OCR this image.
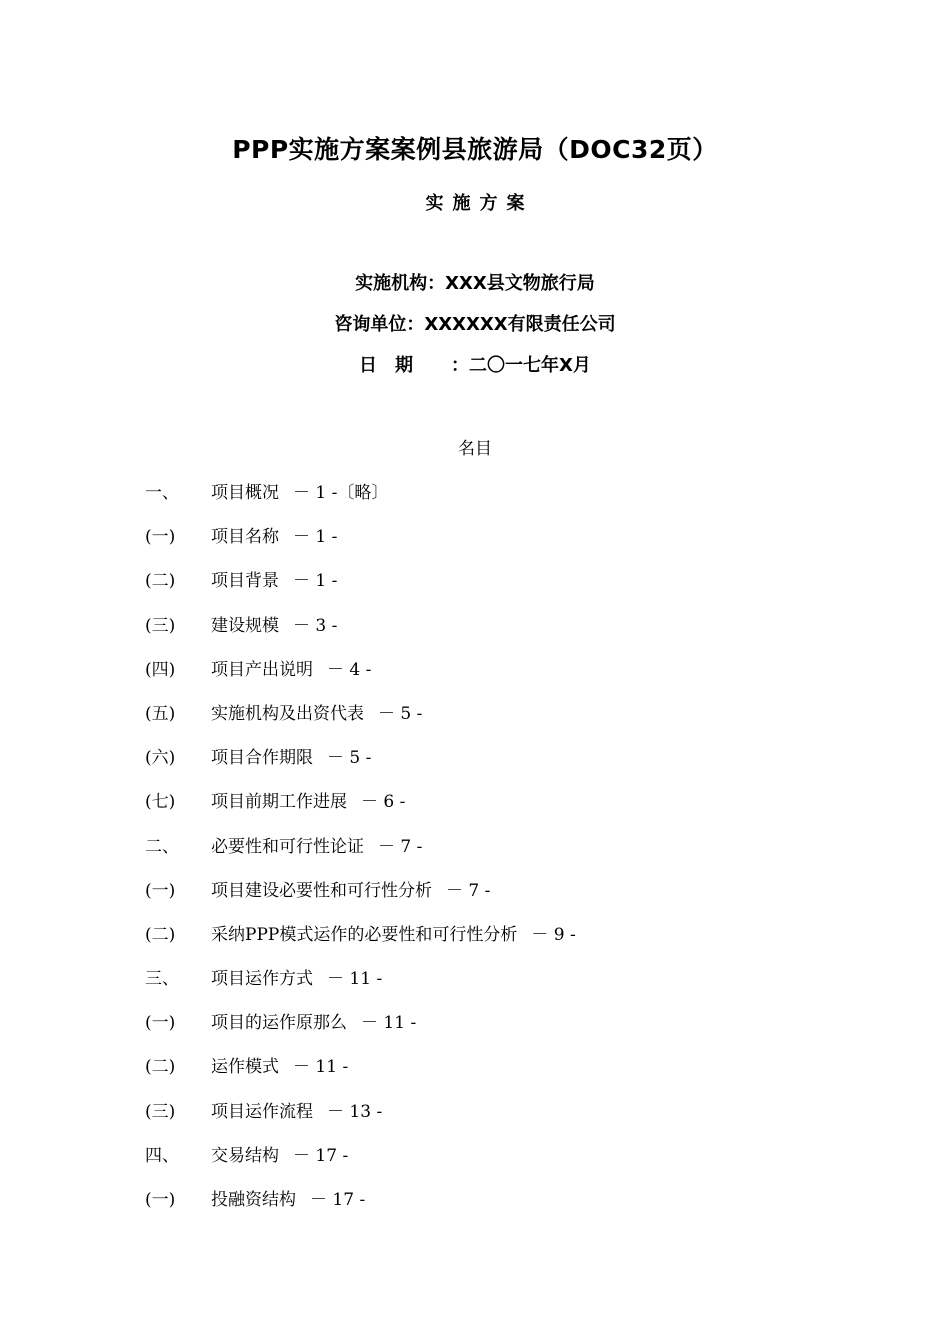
PPP实施方案案例县旅游局（DOC32页）
实施方案
实施机构：XXX县文物旅行局
咨询单位：XXXXXX有限责任公司
日　期 ：二〇一七年X月
名目
一、 项目概况 － 1 -〔略〕
(一) 项目名称 － 1 -
(二) 项目背景 － 1 -
(三) 建设规模 － 3 -
(四) 项目产出说明 － 4 -
(五) 实施机构及出资代表 － 5 -
(六) 项目合作期限 － 5 -
(七) 项目前期工作进展 － 6 -
二、 必要性和可行性论证 － 7 -
(一) 项目建设必要性和可行性分析 － 7 -
(二) 采纳PPP模式运作的必要性和可行性分析 － 9 -
三、 项目运作方式 － 11 -
(一) 项目的运作原那么 － 11 -
(二) 运作模式 － 11 -
(三) 项目运作流程 － 13 -
四、 交易结构 － 17 -
(一) 投融资结构 － 17 -
